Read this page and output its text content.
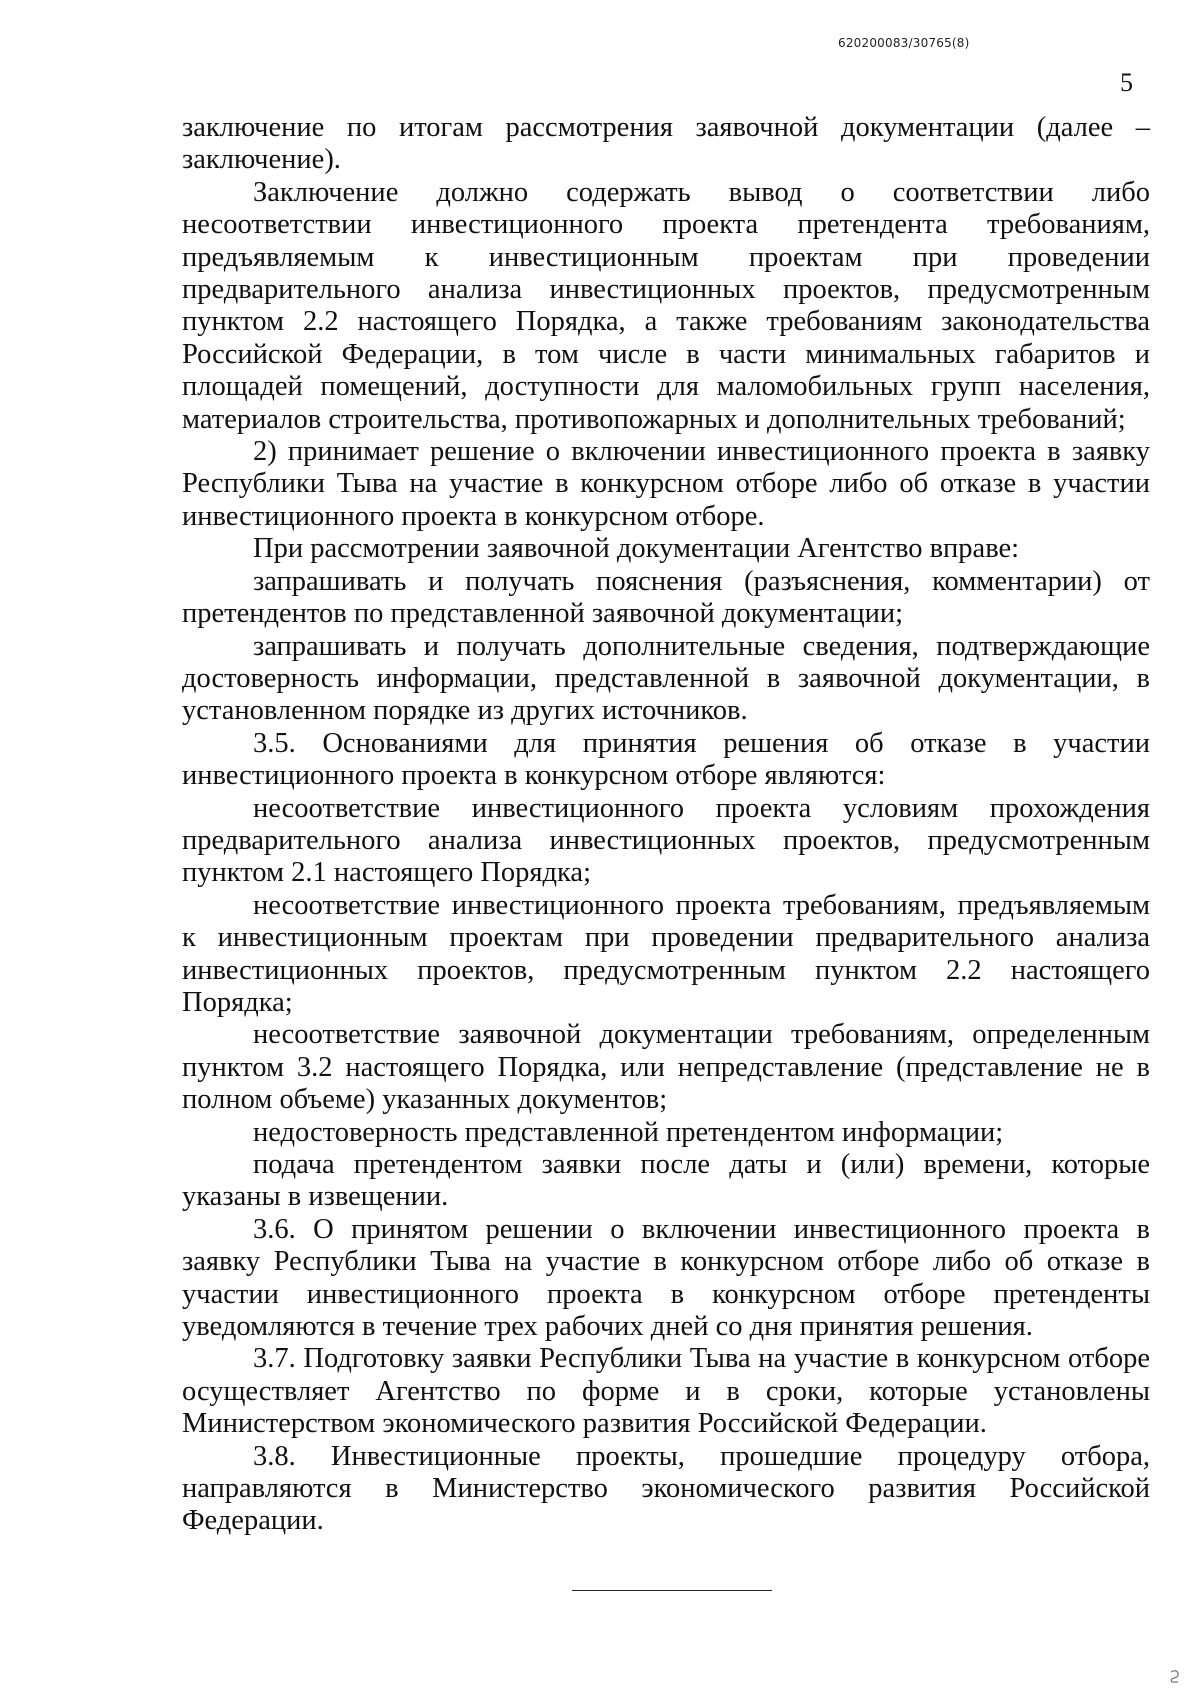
620200083/30765(8)
5

заключение по итогам рассмотрения заявочной документации (далее – заключение).

Заключение должно содержать вывод о соответствии либо несоответствии инвестиционного проекта претендента требованиям, предъявляемым к инвестиционным проектам при проведении предварительного анализа инвестиционных проектов, предусмотренным пунктом 2.2 настоящего Порядка, а также требованиям законодательства Российской Федерации, в том числе в части минимальных габаритов и площадей помещений, доступности для маломобильных групп населения, материалов строительства, противопожарных и дополнительных требований;

2) принимает решение о включении инвестиционного проекта в заявку Республики Тыва на участие в конкурсном отборе либо об отказе в участии инвестиционного проекта в конкурсном отборе.

При рассмотрении заявочной документации Агентство вправе:

запрашивать и получать пояснения (разъяснения, комментарии) от претендентов по представленной заявочной документации;

запрашивать и получать дополнительные сведения, подтверждающие достоверность информации, представленной в заявочной документации, в установленном порядке из других источников.

3.5. Основаниями для принятия решения об отказе в участии инвестиционного проекта в конкурсном отборе являются:

несоответствие инвестиционного проекта условиям прохождения предварительного анализа инвестиционных проектов, предусмотренным пунктом 2.1 настоящего Порядка;

несоответствие инвестиционного проекта требованиям, предъявляемым к инвестиционным проектам при проведении предварительного анализа инвестиционных проектов, предусмотренным пунктом 2.2 настоящего Порядка;

несоответствие заявочной документации требованиям, определенным пунктом 3.2 настоящего Порядка, или непредставление (представление не в полном объеме) указанных документов;

недостоверность представленной претендентом информации;

подача претендентом заявки после даты и (или) времени, которые указаны в извещении.

3.6. О принятом решении о включении инвестиционного проекта в заявку Республики Тыва на участие в конкурсном отборе либо об отказе в участии инвестиционного проекта в конкурсном отборе претенденты уведомляются в течение трех рабочих дней со дня принятия решения.

3.7. Подготовку заявки Республики Тыва на участие в конкурсном отборе осуществляет Агентство по форме и в сроки, которые установлены Министерством экономического развития Российской Федерации.

3.8. Инвестиционные проекты, прошедшие процедуру отбора, направляются в Министерство экономического развития Российской Федерации.
